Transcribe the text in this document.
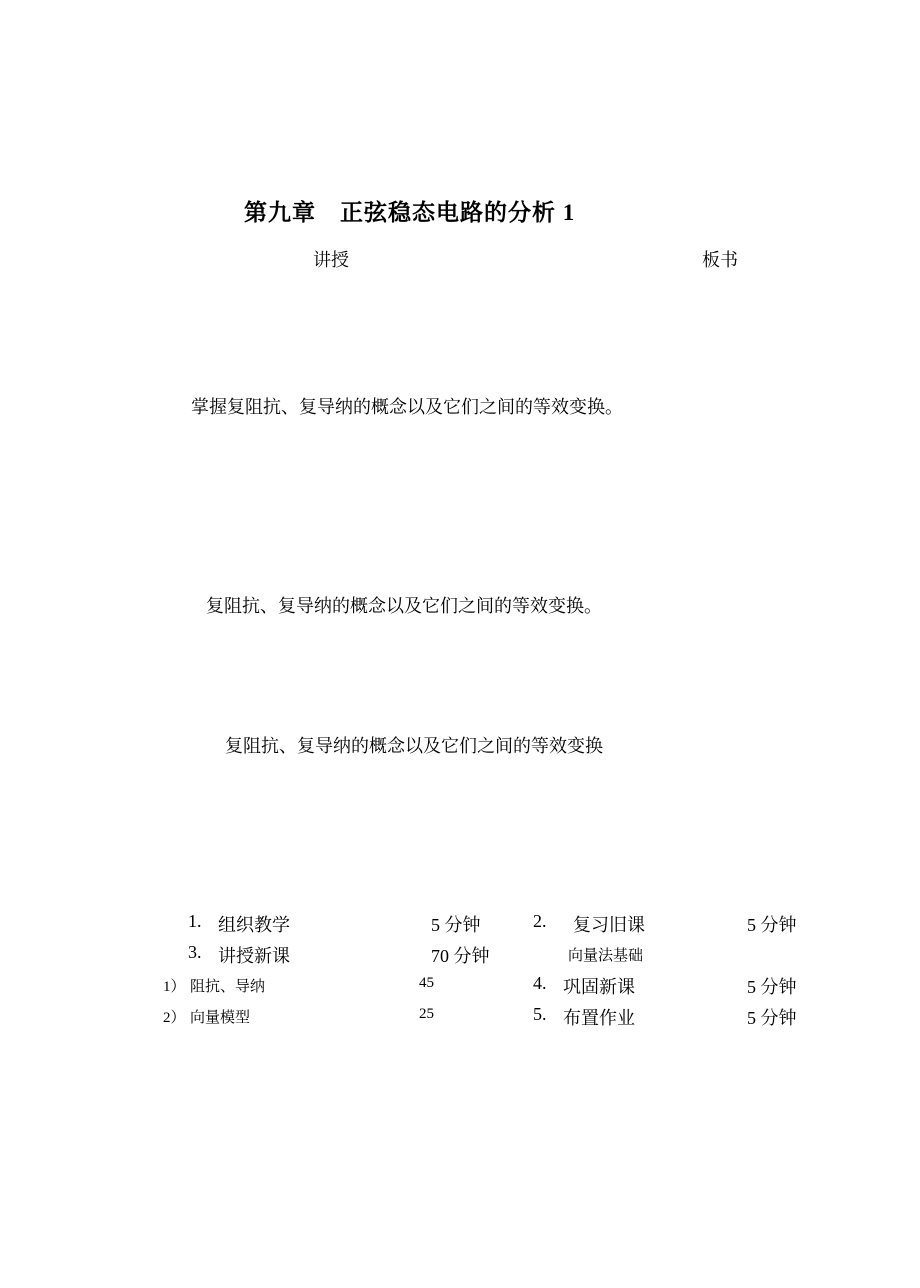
第九章 正弦稳态电路的分析 1
讲授	板书
掌握复阻抗、复导纳的概念以及它们之间的等效变换。
复阻抗、复导纳的概念以及它们之间的等效变换。
复阻抗、复导纳的概念以及它们之间的等效变换
1. 组织教学	5 分钟	2. 复习旧课	5 分钟
3. 讲授新课	70 分钟	向量法基础
1） 阻抗、导纳	45	4. 巩固新课	5 分钟
2） 向量模型	25	5. 布置作业	5 分钟
